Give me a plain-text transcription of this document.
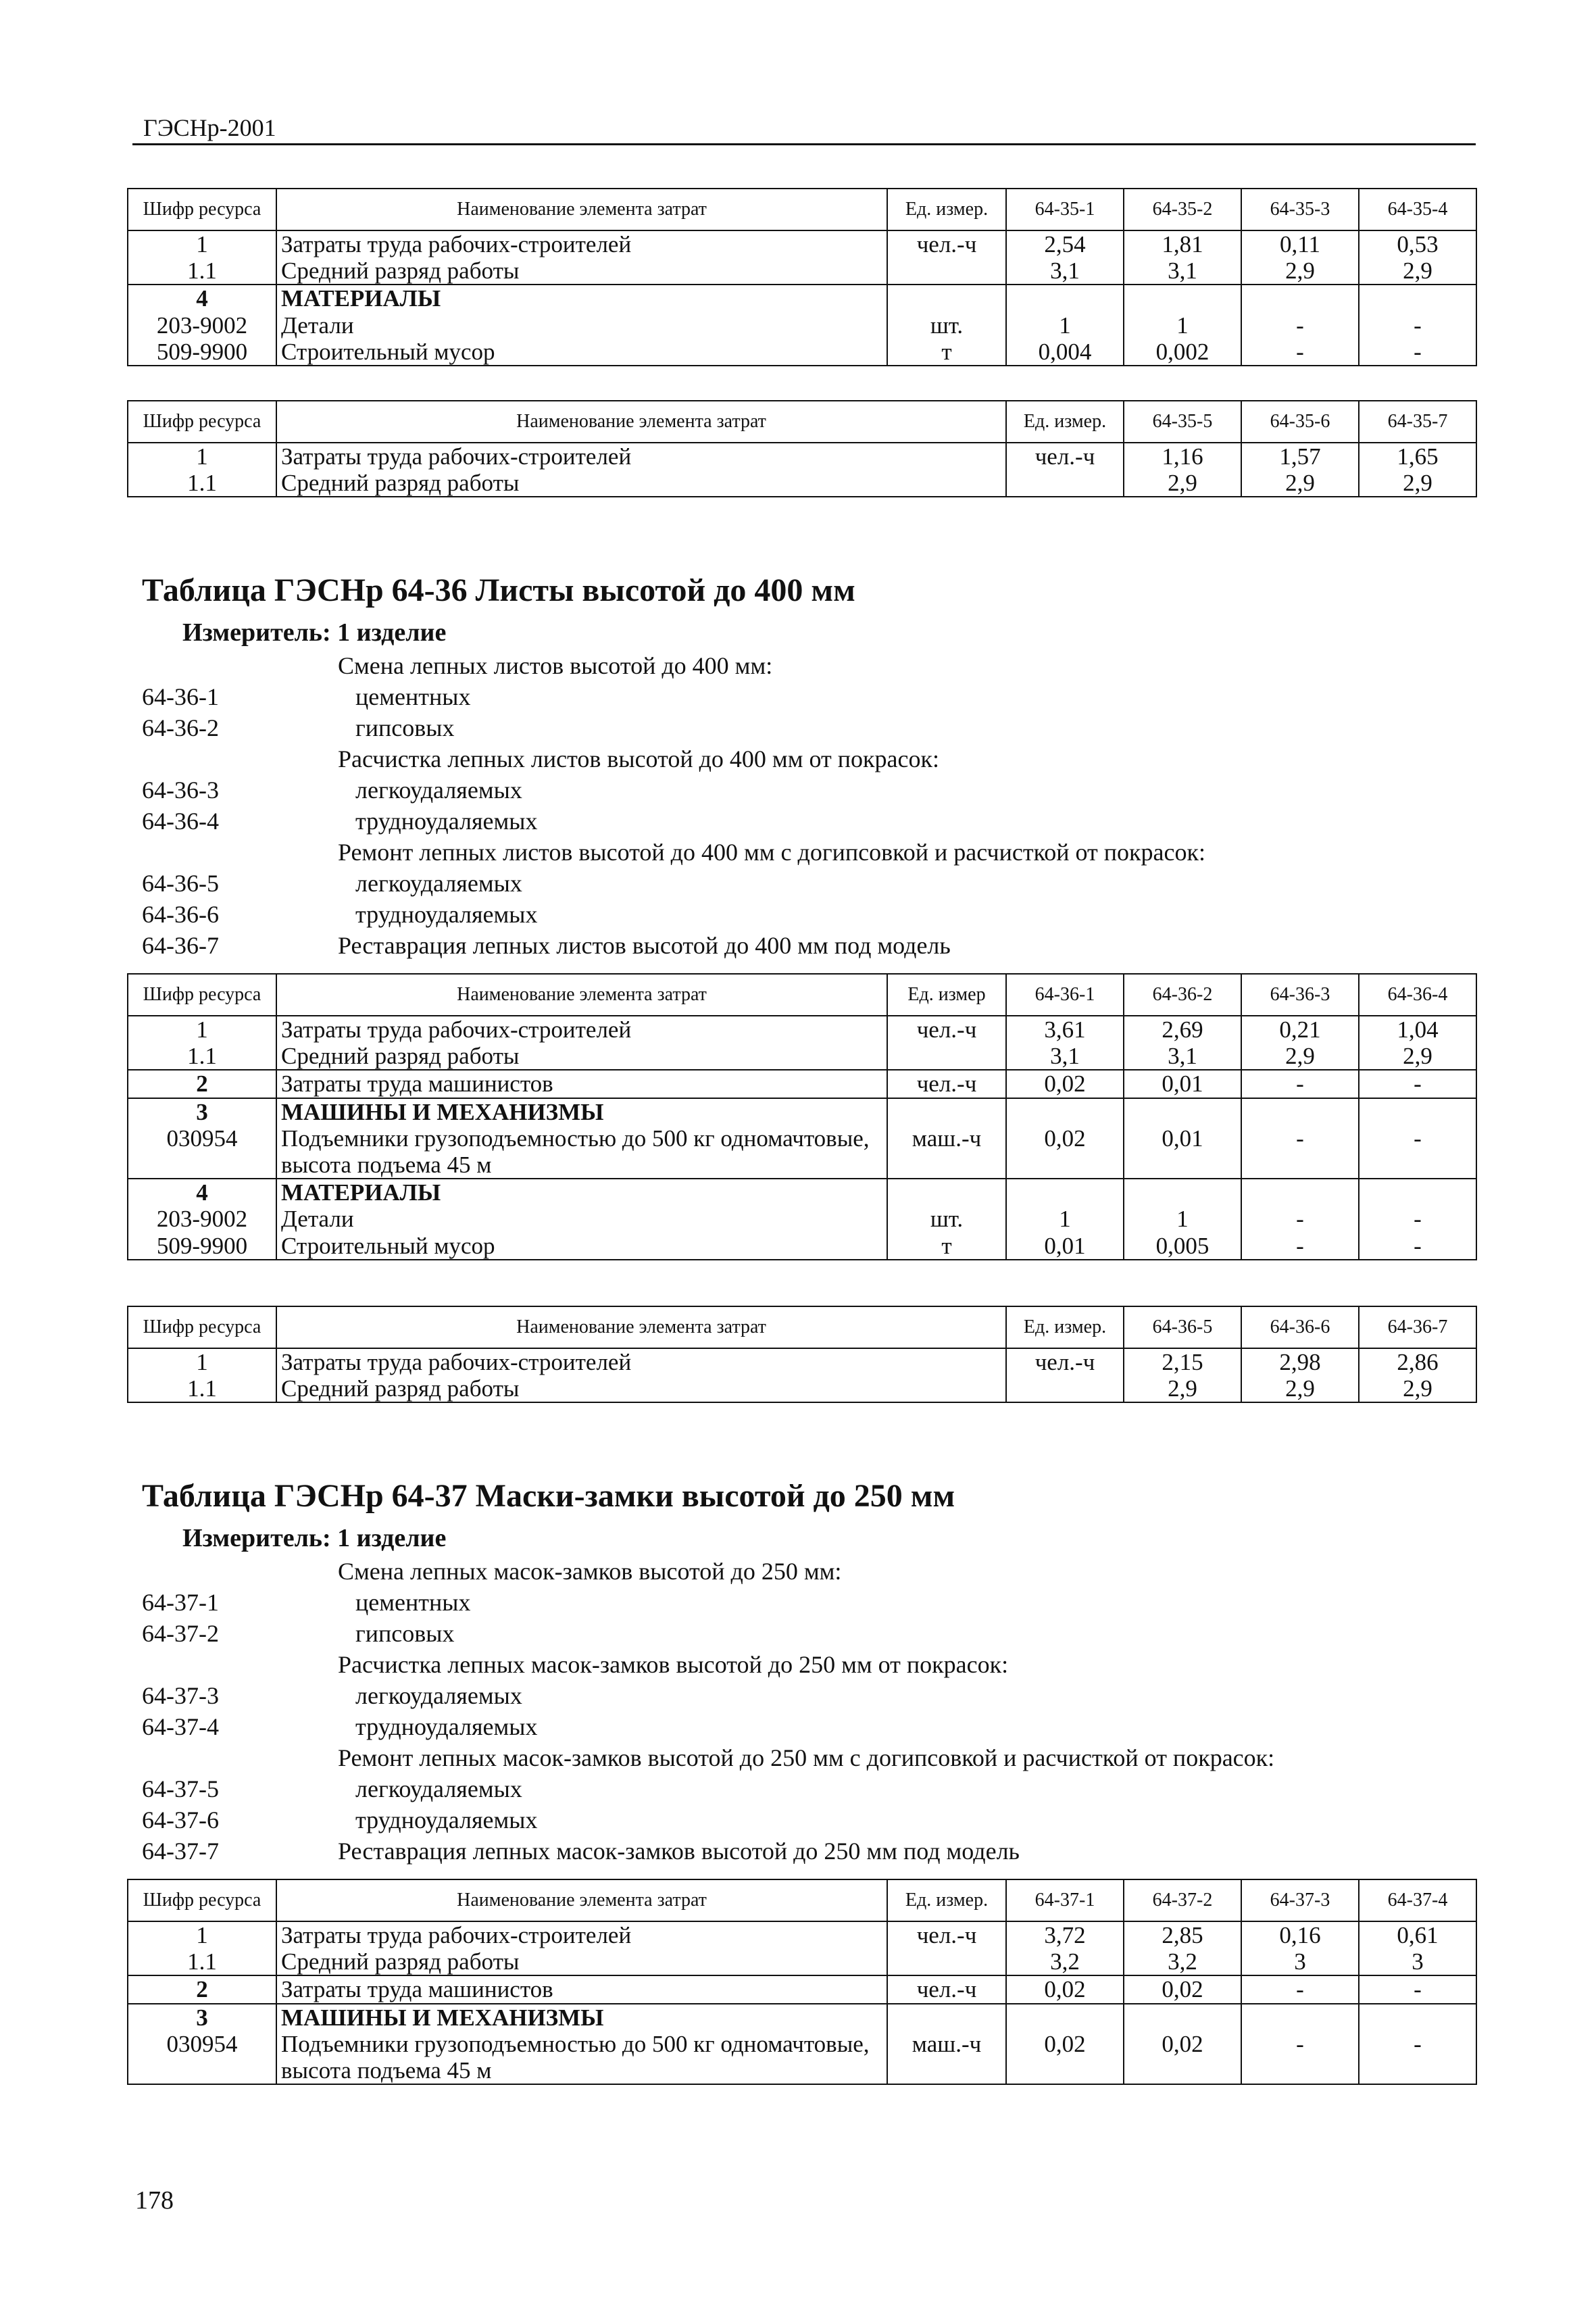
ГЭСНр-2001
Шифр ресурса	Наименование элемента затрат	Ед. измер.	64-35-1	64-35-2	64-35-3	64-35-4
1	Затраты труда рабочих-строителей	чел.-ч	2,54	1,81	0,11	0,53
1.1	Средний разряд работы		3,1	3,1	2,9	2,9
4	МАТЕРИАЛЫ					
203-9002	Детали	шт.	1	1	-	-
509-9900	Строительный мусор	т	0,004	0,002	-	-
Шифр ресурса	Наименование элемента затрат	Ед. измер.	64-35-5	64-35-6	64-35-7
1	Затраты труда рабочих-строителей	чел.-ч	1,16	1,57	1,65
1.1	Средний разряд работы		2,9	2,9	2,9
Таблица ГЭСНр 64-36 Листы высотой до 400 мм
Измеритель: 1 изделие
Смена лепных листов высотой до 400 мм:
64-36-1	цементных
64-36-2	гипсовых
Расчистка лепных листов высотой до 400 мм от покрасок:
64-36-3	легкоудаляемых
64-36-4	трудноудаляемых
Ремонт лепных листов высотой до 400 мм с догипсовкой и расчисткой от покрасок:
64-36-5	легкоудаляемых
64-36-6	трудноудаляемых
64-36-7	Реставрация лепных листов высотой до 400 мм под модель
Шифр ресурса	Наименование элемента затрат	Ед. измер	64-36-1	64-36-2	64-36-3	64-36-4
1	Затраты труда рабочих-строителей	чел.-ч	3,61	2,69	0,21	1,04
1.1	Средний разряд работы		3,1	3,1	2,9	2,9
2	Затраты труда машинистов	чел.-ч	0,02	0,01	-	-
3	МАШИНЫ И МЕХАНИЗМЫ					
030954	Подъемники грузоподъемностью до 500 кг одномачтовые, высота подъема 45 м	маш.-ч	0,02	0,01	-	-
4	МАТЕРИАЛЫ					
203-9002	Детали	шт.	1	1	-	-
509-9900	Строительный мусор	т	0,01	0,005	-	-
Шифр ресурса	Наименование элемента затрат	Ед. измер.	64-36-5	64-36-6	64-36-7
1	Затраты труда рабочих-строителей	чел.-ч	2,15	2,98	2,86
1.1	Средний разряд работы		2,9	2,9	2,9
Таблица ГЭСНр 64-37 Маски-замки высотой до 250 мм
Измеритель: 1 изделие
Смена лепных масок-замков высотой до 250 мм:
64-37-1	цементных
64-37-2	гипсовых
Расчистка лепных масок-замков высотой до 250 мм от покрасок:
64-37-3	легкоудаляемых
64-37-4	трудноудаляемых
Ремонт лепных масок-замков высотой до 250 мм с догипсовкой и расчисткой от покрасок:
64-37-5	легкоудаляемых
64-37-6	трудноудаляемых
64-37-7	Реставрация лепных масок-замков высотой до 250 мм под модель
Шифр ресурса	Наименование элемента затрат	Ед. измер.	64-37-1	64-37-2	64-37-3	64-37-4
1	Затраты труда рабочих-строителей	чел.-ч	3,72	2,85	0,16	0,61
1.1	Средний разряд работы		3,2	3,2	3	3
2	Затраты труда машинистов	чел.-ч	0,02	0,02	-	-
3	МАШИНЫ И МЕХАНИЗМЫ					
030954	Подъемники грузоподъемностью до 500 кг одномачтовые, высота подъема 45 м	маш.-ч	0,02	0,02	-	-
178
